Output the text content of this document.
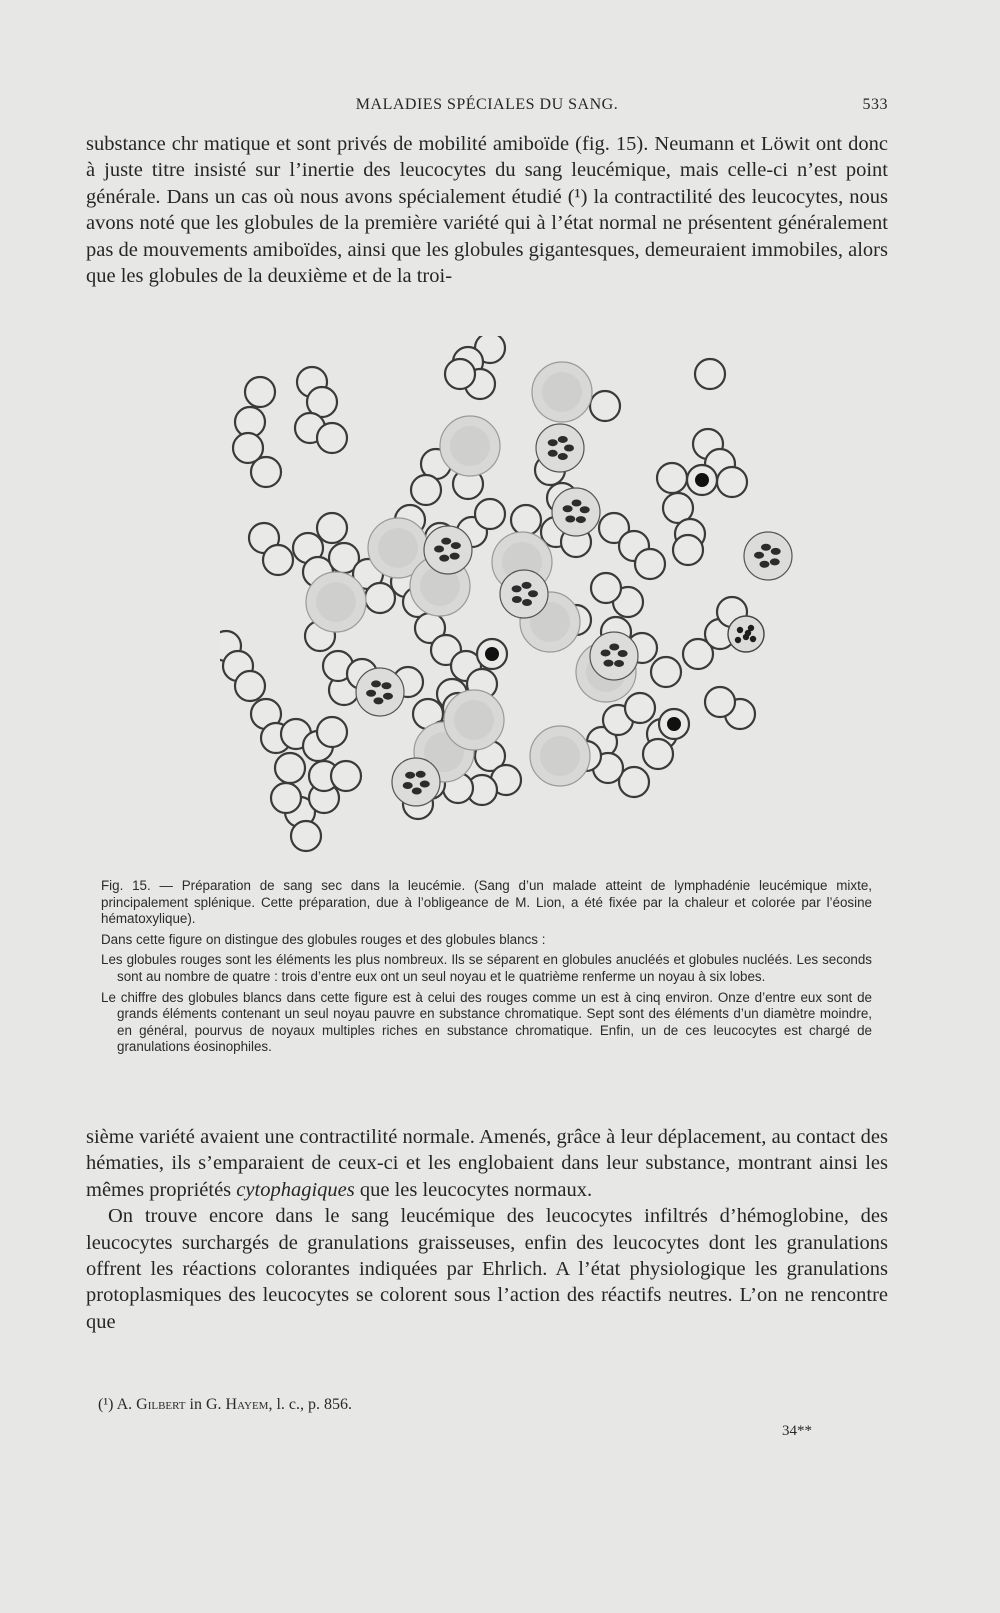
MALADIES SPÉCIALES DU SANG.	533

substance chr matique et sont privés de mobilité amiboïde (fig. 15). Neumann et Löwit ont donc à juste titre insisté sur l’inertie des leucocytes du sang leucémique, mais celle-ci n’est point générale. Dans un cas où nous avons spécialement étudié (¹) la contractilité des leucocytes, nous avons noté que les globules de la première variété qui à l’état normal ne présentent généralement pas de mouvements amiboïdes, ainsi que les globules gigantesques, demeuraient immobiles, alors que les globules de la deuxième et de la troi-

Fig. 15. — Préparation de sang sec dans la leucémie. (Sang d’un malade atteint de lymphadénie leucémique mixte, principalement splénique. Cette préparation, due à l’obligeance de M. Lion, a été fixée par la chaleur et colorée par l’éosine hématoxylique).

Dans cette figure on distingue des globules rouges et des globules blancs :

Les globules rouges sont les éléments les plus nombreux. Ils se séparent en globules anucléés et globules nucléés. Les seconds sont au nombre de quatre : trois d’entre eux ont un seul noyau et le quatrième renferme un noyau à six lobes.

Le chiffre des globules blancs dans cette figure est à celui des rouges comme un est à cinq environ. Onze d’entre eux sont de grands éléments contenant un seul noyau pauvre en substance chromatique. Sept sont des éléments d’un diamètre moindre, en général, pourvus de noyaux multiples riches en substance chromatique. Enfin, un de ces leucocytes est chargé de granulations éosinophiles.

sième variété avaient une contractilité normale. Amenés, grâce à leur déplacement, au contact des hématies, ils s’emparaient de ceux-ci et les englobaient dans leur substance, montrant ainsi les mêmes propriétés cytophagiques que les leucocytes normaux.

On trouve encore dans le sang leucémique des leucocytes infiltrés d’hémoglobine, des leucocytes surchargés de granulations graisseuses, enfin des leucocytes dont les granulations offrent les réactions colorantes indiquées par Ehrlich. A l’état physiologique les granulations protoplasmiques des leucocytes se colorent sous l’action des réactifs neutres. L’on ne rencontre que

(¹) A. Gilbert in G. Hayem, l. c., p. 856.
34**
